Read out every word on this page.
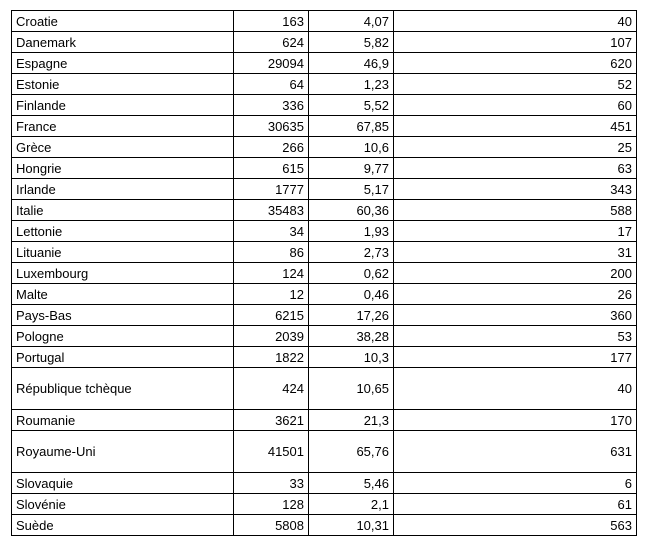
Croatie	163	4,07	40
Danemark	624	5,82	107
Espagne	29094	46,9	620
Estonie	64	1,23	52
Finlande	336	5,52	60
France	30635	67,85	451
Grèce	266	10,6	25
Hongrie	615	9,77	63
Irlande	1777	5,17	343
Italie	35483	60,36	588
Lettonie	34	1,93	17
Lituanie	86	2,73	31
Luxembourg	124	0,62	200
Malte	12	0,46	26
Pays-Bas	6215	17,26	360
Pologne	2039	38,28	53
Portugal	1822	10,3	177
République tchèque	424	10,65	40
Roumanie	3621	21,3	170
Royaume-Uni	41501	65,76	631
Slovaquie	33	5,46	6
Slovénie	128	2,1	61
Suède	5808	10,31	563
